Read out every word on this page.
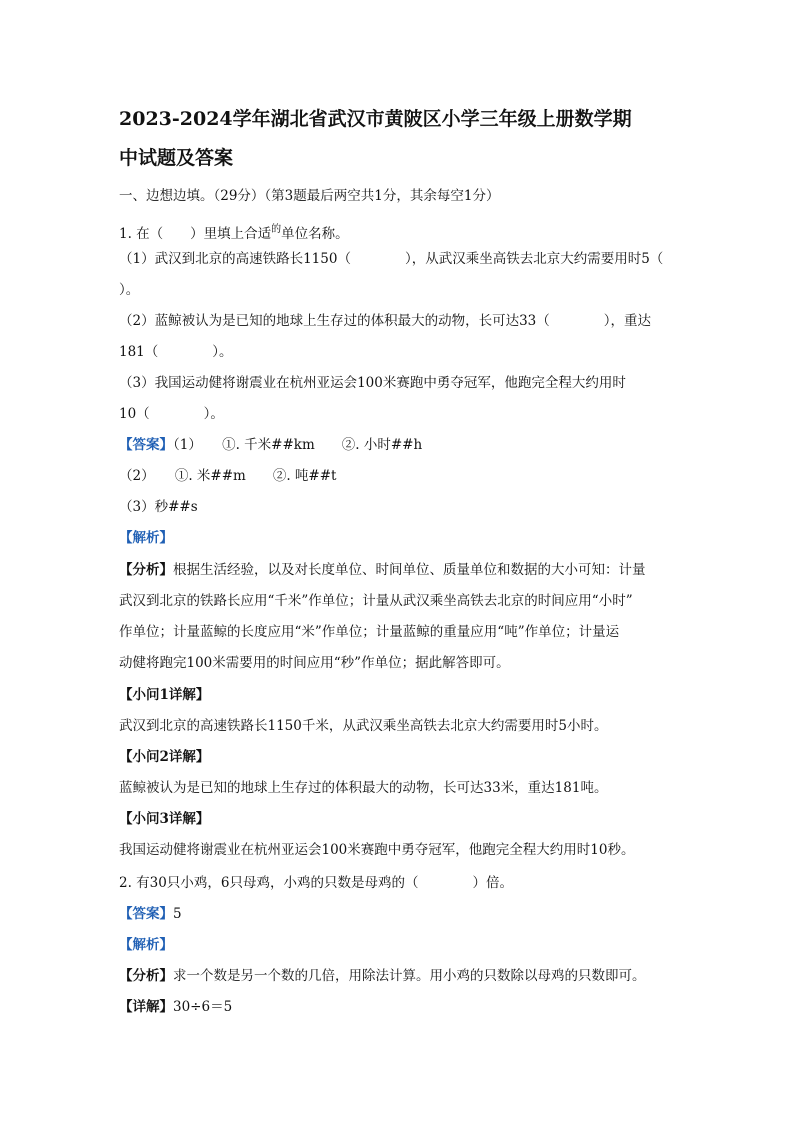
2023-2024学年湖北省武汉市黄陂区小学三年级上册数学期
中试题及答案
一、边想边填。（29分）（第3题最后两空共1分，其余每空1分）
1. 在（　　）里填上合适$^的$单位名称。
（1）武汉到北京的高速铁路长1150（　　　　），从武汉乘坐高铁去北京大约需要用时5（
）。
（2）蓝鲸被认为是已知的地球上生存过的体积最大的动物，长可达33（　　　　），重达
181（　　　　）。
（3）我国运动健将谢震业在杭州亚运会100米赛跑中勇夺冠军，他跑完全程大约用时
10（　　　　）。
【答案】（1）　　①. 千米##km　　②. 小时##h
（2）　　①. 米##m　　②. 吨##t
（3）秒##s
【解析】
【分析】根据生活经验，以及对长度单位、时间单位、质量单位和数据的大小可知：计量
武汉到北京的铁路长应用“千米”作单位；计量从武汉乘坐高铁去北京的时间应用“小时”
作单位；计量蓝鲸的长度应用“米”作单位；计量蓝鲸的重量应用“吨”作单位；计量运
动健将跑完100米需要用的时间应用“秒”作单位；据此解答即可。
【小问1详解】
武汉到北京的高速铁路长1150千米，从武汉乘坐高铁去北京大约需要用时5小时。
【小问2详解】
蓝鲸被认为是已知的地球上生存过的体积最大的动物，长可达33米，重达181吨。
【小问3详解】
我国运动健将谢震业在杭州亚运会100米赛跑中勇夺冠军，他跑完全程大约用时10秒。
2. 有30只小鸡，6只母鸡，小鸡的只数是母鸡的（　　　　）倍。
【答案】5
【解析】
【分析】求一个数是另一个数的几倍，用除法计算。用小鸡的只数除以母鸡的只数即可。
【详解】30÷6＝5
